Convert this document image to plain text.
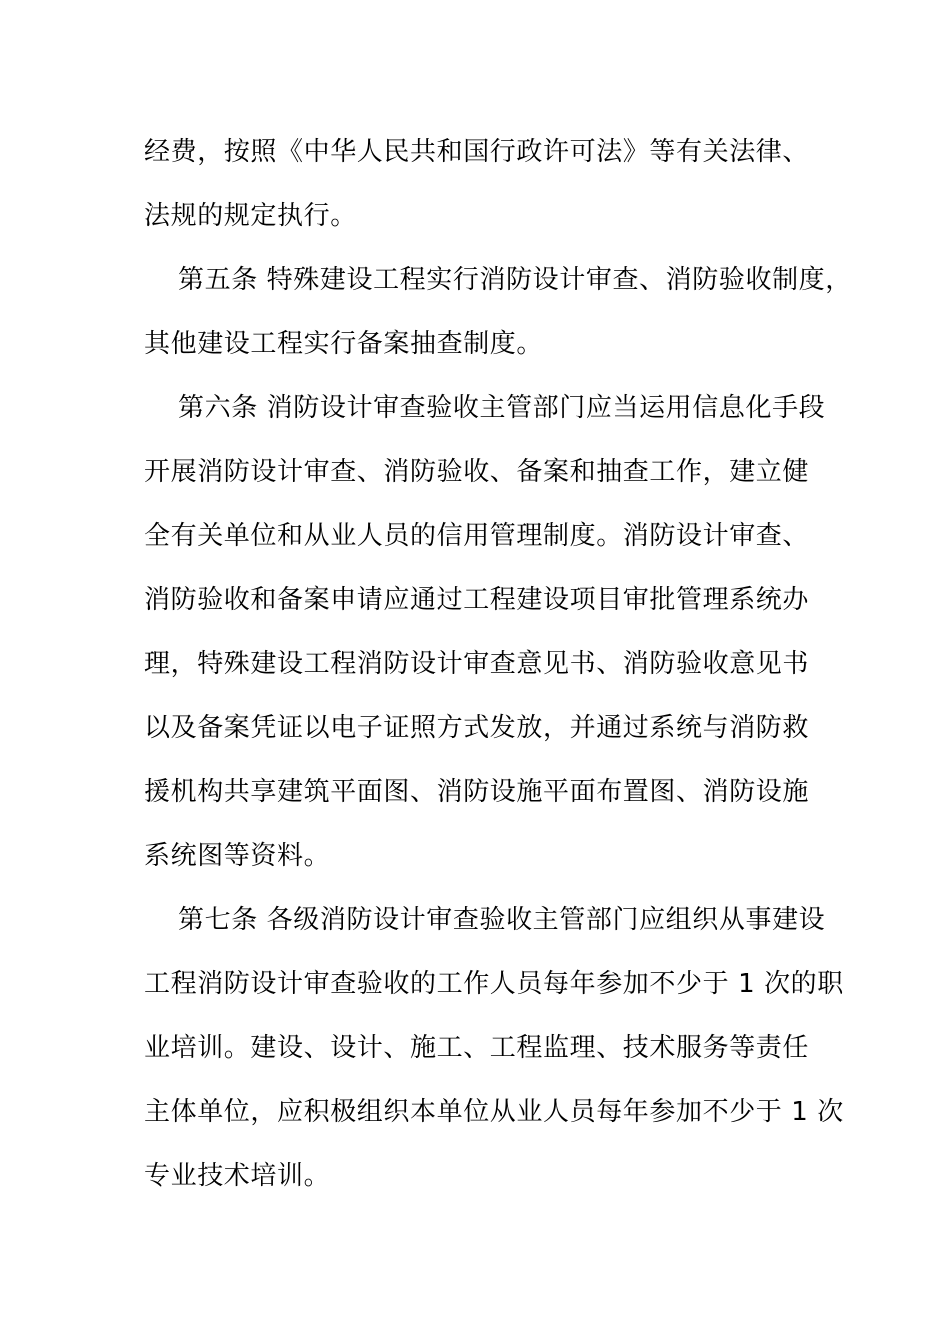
经费，按照《中华人民共和国行政许可法》等有关法律、
法规的规定执行。
第五条 特殊建设工程实行消防设计审查、消防验收制度，
其他建设工程实行备案抽查制度。
第六条 消防设计审查验收主管部门应当运用信息化手段
开展消防设计审查、消防验收、备案和抽查工作，建立健
全有关单位和从业人员的信用管理制度。消防设计审查、
消防验收和备案申请应通过工程建设项目审批管理系统办
理，特殊建设工程消防设计审查意见书、消防验收意见书
以及备案凭证以电子证照方式发放，并通过系统与消防救
援机构共享建筑平面图、消防设施平面布置图、消防设施
系统图等资料。
第七条 各级消防设计审查验收主管部门应组织从事建设
工程消防设计审查验收的工作人员每年参加不少于 1 次的职
业培训。建设、设计、施工、工程监理、技术服务等责任
主体单位，应积极组织本单位从业人员每年参加不少于 1 次
专业技术培训。
